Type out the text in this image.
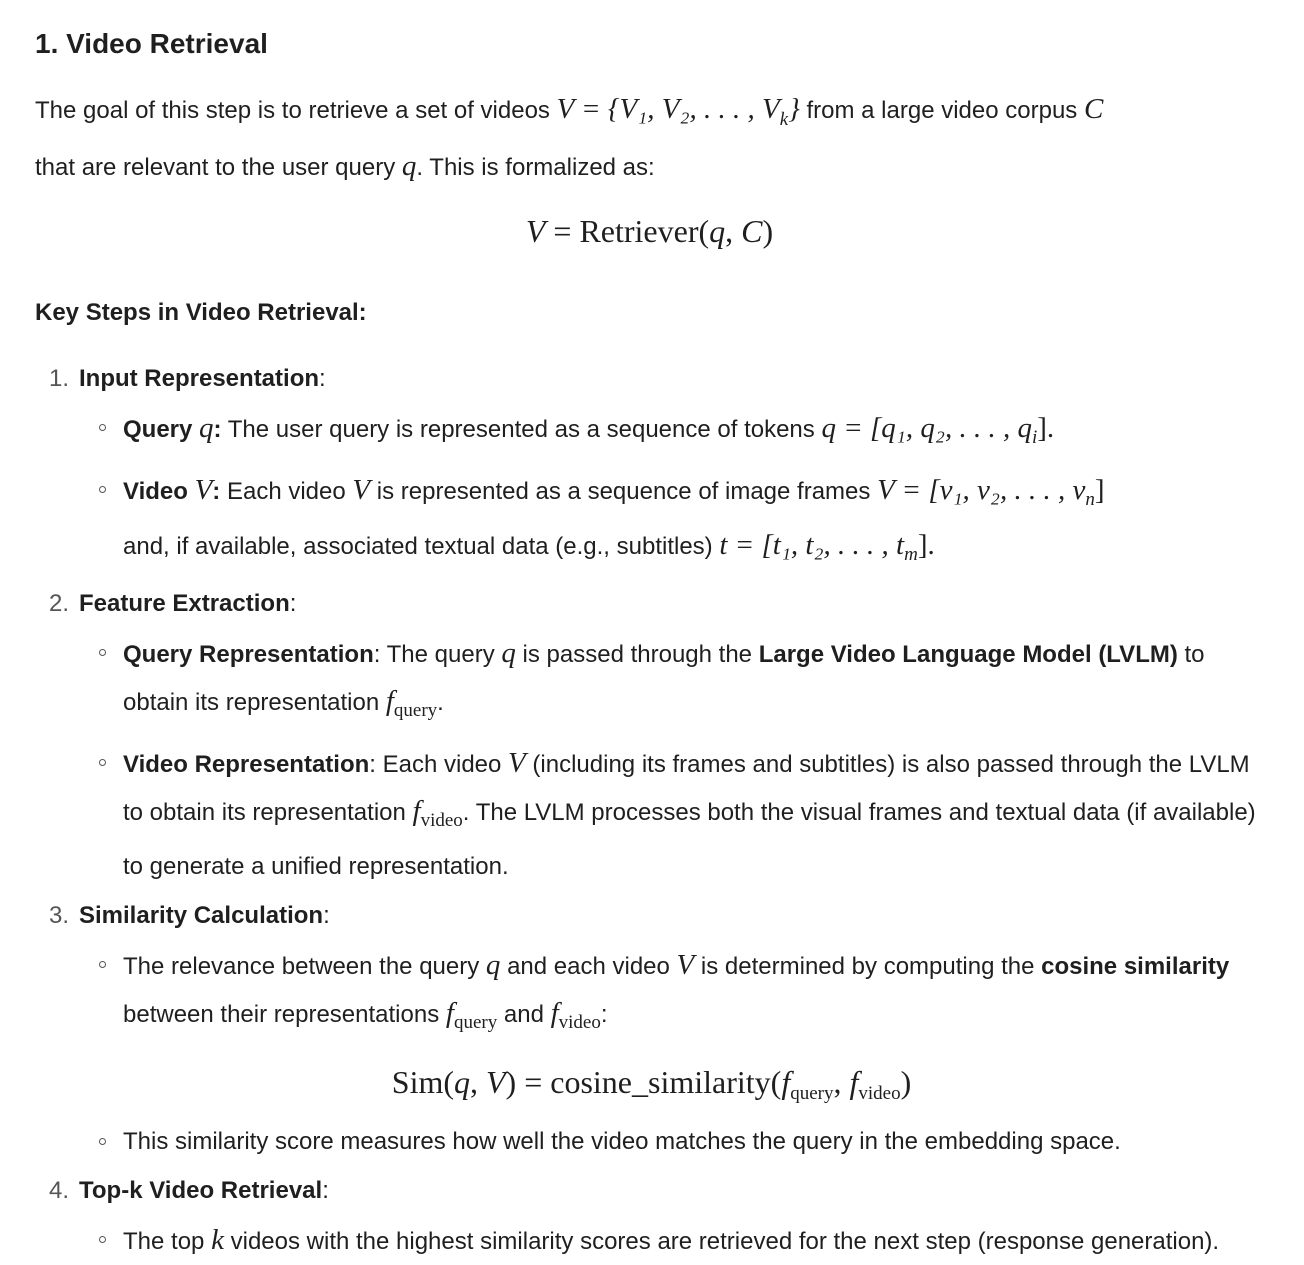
1. Video Retrieval
The goal of this step is to retrieve a set of videos V = {V₁, V₂, . . . , $V_k$} from a large video corpus C
that are relevant to the user query q. This is formalized as:
V = Retriever(q, C)
Key Steps in Video Retrieval:
1. Input Representation:
Query q: The user query is represented as a sequence of tokens q = [q₁, q₂, . . . , $q_i$].
Video V: Each video V is represented as a sequence of image frames V = [v₁, v₂, . . . , $v_n$]
and, if available, associated textual data (e.g., subtitles) t = [t₁, t₂, . . . , $t_m$].
2. Feature Extraction:
Query Representation: The query q is passed through the Large Video Language Model (LVLM) to obtain its representation $f_{query}$.
Video Representation: Each video V (including its frames and subtitles) is also passed through the LVLM to obtain its representation $f_{video}$. The LVLM processes both the visual frames and textual data (if available) to generate a unified representation.
3. Similarity Calculation:
The relevance between the query q and each video V is determined by computing the cosine similarity between their representations $f_{query}$ and $f_{video}$:
Sim(q, $V) = cosine\_similarity(f_{query}$, $f_{video}$)
This similarity score measures how well the video matches the query in the embedding space.
4. Top-k Video Retrieval:
The top k videos with the highest similarity scores are retrieved for the next step (response generation).
